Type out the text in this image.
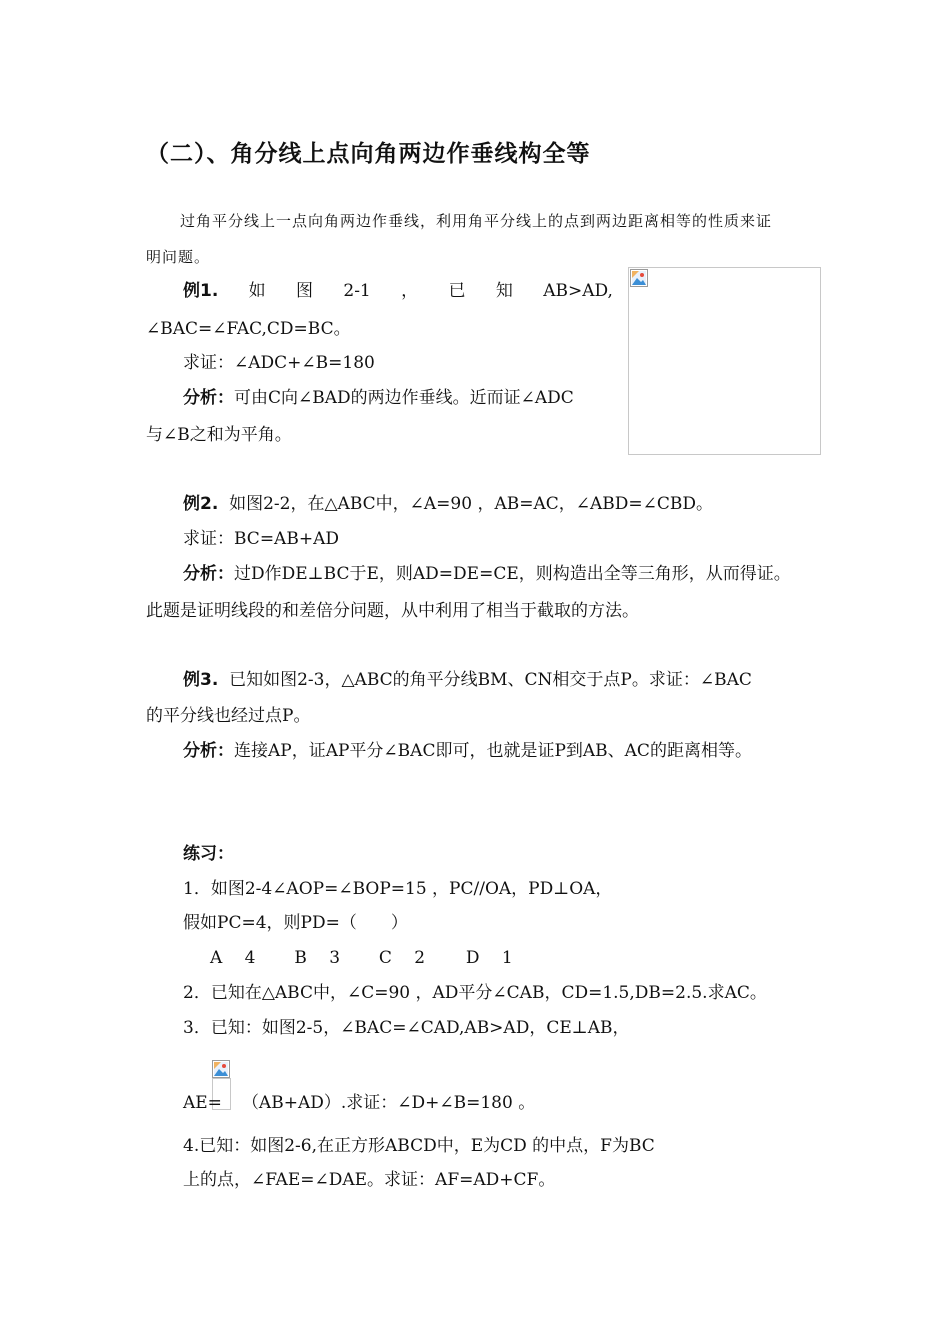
（二）、角分线上点向角两边作垂线构全等
过角平分线上一点向角两边作垂线，利用角平分线上的点到两边距离相等的性质来证
明问题。
例1. 如 图 2-1 ， 已 知 AB>AD,
∠BAC=∠FAC,CD=BC。
求证：∠ADC+∠B=180
分析：可由C向∠BAD的两边作垂线。近而证∠ADC
与∠B之和为平角。
例2. 如图2-2，在△ABC中，∠A=90 ，AB=AC，∠ABD=∠CBD。
求证：BC=AB+AD
分析：过D作DE⊥BC于E，则AD=DE=CE，则构造出全等三角形，从而得证。
此题是证明线段的和差倍分问题，从中利用了相当于截取的方法。
例3. 已知如图2-3，△ABC的角平分线BM、CN相交于点P。求证：∠BAC
的平分线也经过点P。
分析：连接AP，证AP平分∠BAC即可，也就是证P到AB、AC的距离相等。
练习：
1．如图2-4∠AOP=∠BOP=15 ，PC//OA，PD⊥OA，
假如PC=4，则PD=（　　）
A　 4 B　 3 C　 2 D　 1
2．已知在△ABC中，∠C=90 ，AD平分∠CAB，CD=1.5,DB=2.5.求AC。
3．已知：如图2-5，∠BAC=∠CAD,AB>AD，CE⊥AB，
AE= （AB+AD）.求证：∠D+∠B=180 。
4.已知：如图2-6,在正方形ABCD中，E为CD 的中点，F为BC
上的点，∠FAE=∠DAE。求证：AF=AD+CF。
